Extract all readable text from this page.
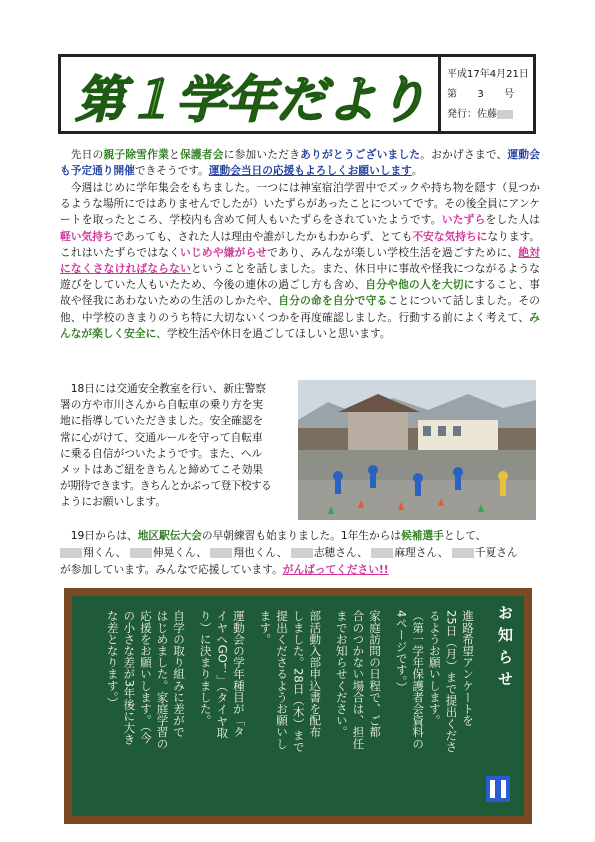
第１学年だより 平成17年4月21日
第 3 号
発行：佐藤
先日の親子除雪作業と保護者会に参加いただきありがとうございました。おかげさまで、運動会も予定通り開催できそうです。運動会当日の応援もよろしくお願いします。
今週はじめに学年集会をもちました。一つには神室宿泊学習中でズックや持ち物を隠す（見つかるような場所にではありませんでしたが）いたずらがあったことについてです。その後全員にアンケートを取ったところ、学校内も含めて何人もいたずらをされていたようです。いたずらをした人は軽い気持ちであっても、された人は理由や誰がしたかもわからず、とても不安な気持ちになります。これはいたずらではなくいじめや嫌がらせであり、みんなが楽しい学校生活を過ごすために、絶対になくさなければならないということを話しました。また、休日中に事故や怪我につながるような遊びをしていた人もいたため、今後の連休の過ごし方も含め、自分や他の人を大切にすること、事故や怪我にあわないための生活のしかたや、自分の命を自分で守ることについて話しました。その他、中学校のきまりのうち特に大切ないくつかを再度確認しました。行動する前によく考えて、みんなが楽しく安全に、学校生活や休日を過ごしてほしいと思います。
18日には交通安全教室を行い、新庄警察
署の方や市川さんから自転車の乗り方を実
地に指導していただきました。安全確認を
常に心がけて、交通ルールを守って自転車
に乗る自信がついたようです。また、ヘル
メットはあご紐をきちんと締めてこそ効果
が期待できます。きちんとかぶって登下校する
ようにお願いします。
19日からは、地区駅伝大会の早朝練習も始まりました。1年生からは候補選手として、
翔くん、 伸晃くん、 翔也くん、 志穂さん、 麻理さん、 千夏さん
が参加しています。みんなで応援しています。がんばってください!!
お知らせ
進路希望アンケートを
25日（月）まで提出くださ
るようお願いします。
（第一学年保護者会資料の
4ページです。）
家庭訪問の日程で、ご都
合のつかない場合は、担任
までお知らせください。
部活動入部申込書を配布
しました。28日（木）まで
提出くださるようお願いし
ます。
運動会の学年種目が「タ
イヤへGO！」（タイヤ取
り）に決まりました。
自学の取り組みに差がで
はじめました。家庭学習の
応援をお願いします。（今
の小さな差が3年後に大き
な差となります。）
